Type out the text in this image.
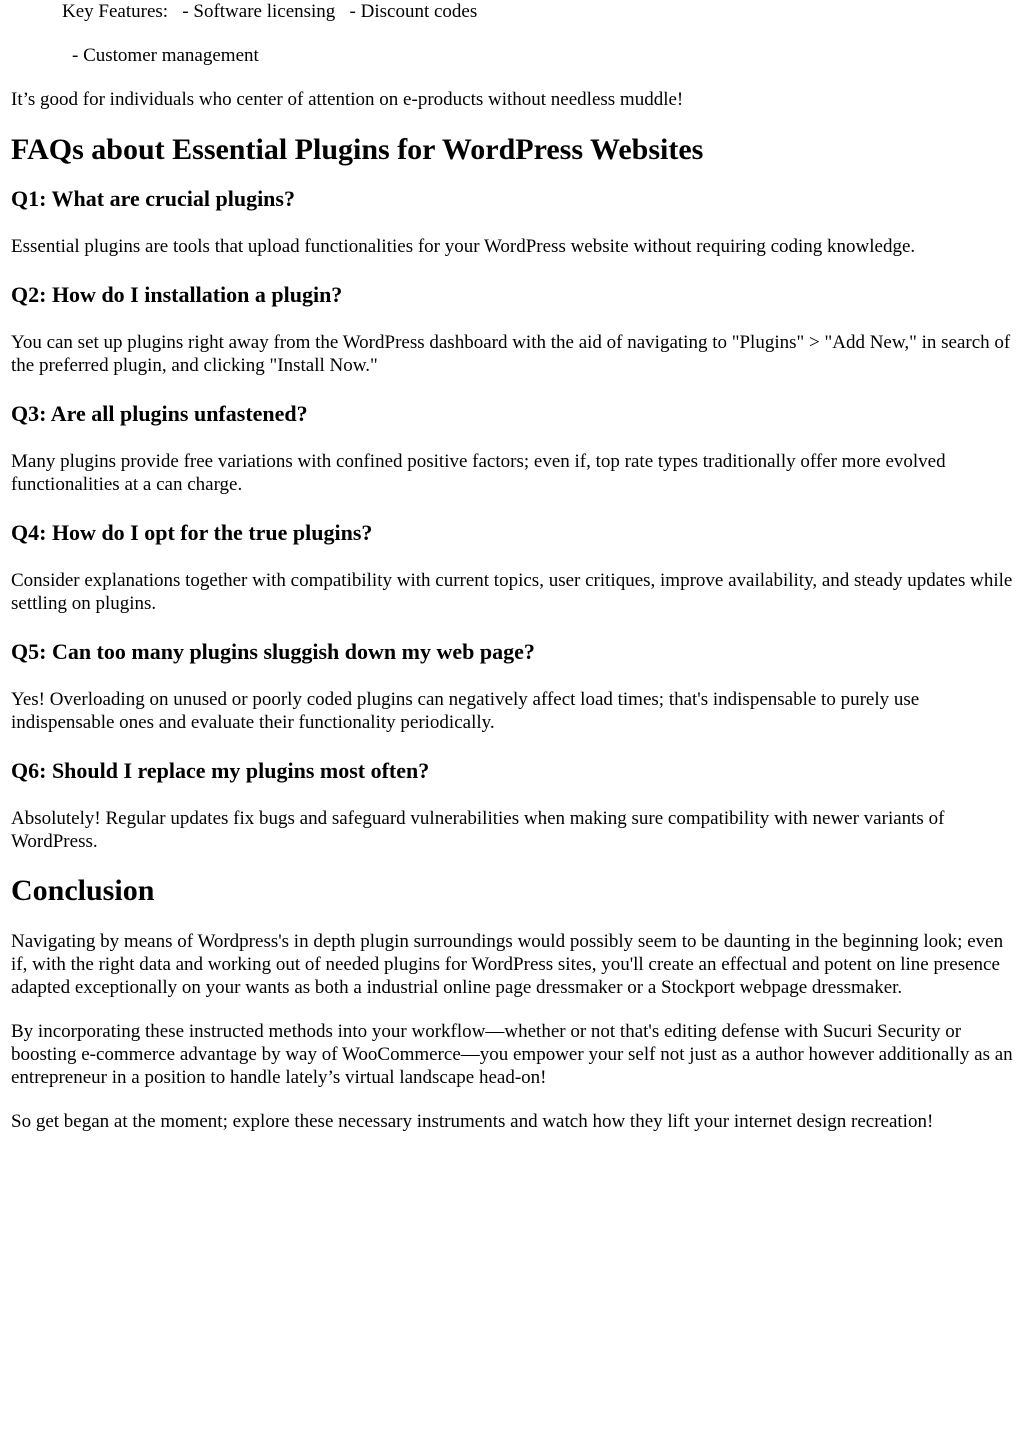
Key Features:   - Software licensing   - Discount codes
- Customer management

It’s good for individuals who center of attention on e-products without needless muddle!

FAQs about Essential Plugins for WordPress Websites
Q1: What are crucial plugins?

Essential plugins are tools that upload functionalities for your WordPress website without requiring coding knowledge.

Q2: How do I installation a plugin?

You can set up plugins right away from the WordPress dashboard with the aid of navigating to "Plugins" > "Add New," in search of the preferred plugin, and clicking "Install Now."

Q3: Are all plugins unfastened?

Many plugins provide free variations with confined positive factors; even if, top rate types traditionally offer more evolved functionalities at a can charge.

Q4: How do I opt for the true plugins?

Consider explanations together with compatibility with current topics, user critiques, improve availability, and steady updates while settling on plugins.

Q5: Can too many plugins sluggish down my web page?

Yes! Overloading on unused or poorly coded plugins can negatively affect load times; that's indispensable to purely use indispensable ones and evaluate their functionality periodically.

Q6: Should I replace my plugins most often?

Absolutely! Regular updates fix bugs and safeguard vulnerabilities when making sure compatibility with newer variants of WordPress.

Conclusion

Navigating by means of Wordpress's in depth plugin surroundings would possibly seem to be daunting in the beginning look; even if, with the right data and working out of needed plugins for WordPress sites, you'll create an effectual and potent on line presence adapted exceptionally on your wants as both a industrial online page dressmaker or a Stockport webpage dressmaker.

By incorporating these instructed methods into your workflow—whether or not that's editing defense with Sucuri Security or boosting e-commerce advantage by way of WooCommerce—you empower your self not just as a author however additionally as an entrepreneur in a position to handle lately’s virtual landscape head-on!

So get began at the moment; explore these necessary instruments and watch how they lift your internet design recreation!
